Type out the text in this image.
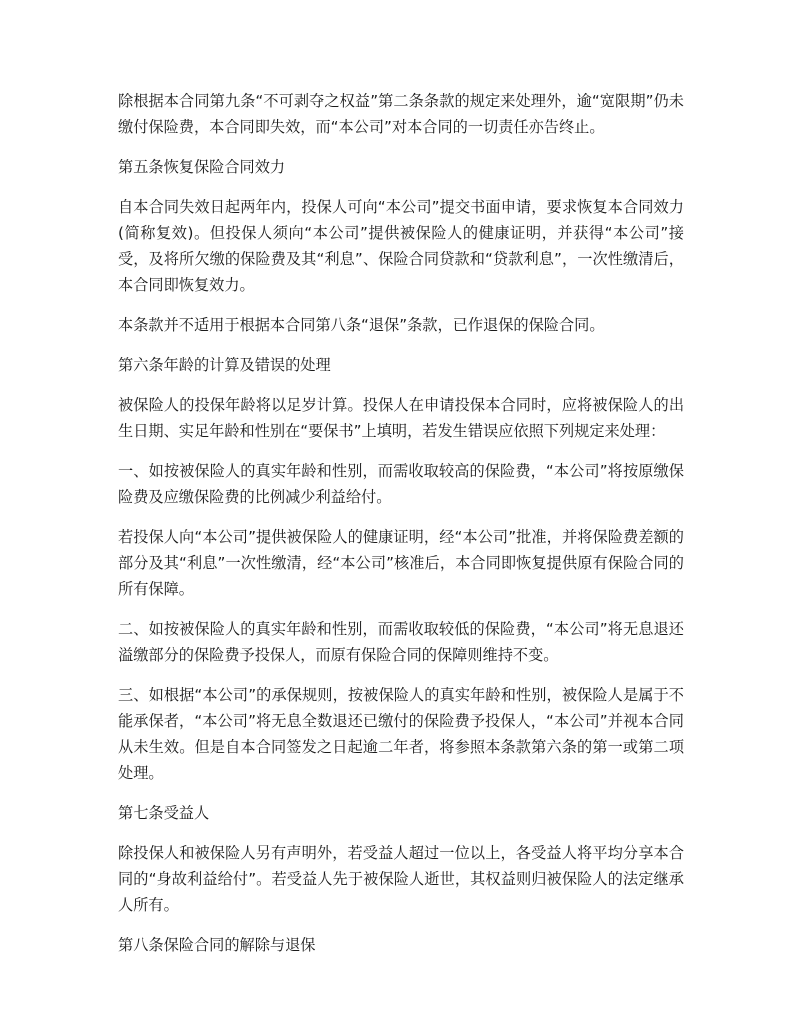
除根据本合同第九条“不可剥夺之权益”第二条条款的规定来处理外，逾“宽限期”仍未缴付保险费，本合同即失效，而“本公司”对本合同的一切责任亦告终止。

第五条恢复保险合同效力

自本合同失效日起两年内，投保人可向“本公司”提交书面申请，要求恢复本合同效力(简称复效)。但投保人须向“本公司”提供被保险人的健康证明，并获得“本公司”接受，及将所欠缴的保险费及其“利息”、保险合同贷款和“贷款利息”，一次性缴清后，本合同即恢复效力。

本条款并不适用于根据本合同第八条“退保”条款，已作退保的保险合同。

第六条年龄的计算及错误的处理

被保险人的投保年龄将以足岁计算。投保人在申请投保本合同时，应将被保险人的出生日期、实足年龄和性别在“要保书”上填明，若发生错误应依照下列规定来处理：

一、如按被保险人的真实年龄和性别，而需收取较高的保险费，“本公司”将按原缴保险费及应缴保险费的比例减少利益给付。

若投保人向“本公司”提供被保险人的健康证明，经“本公司”批准，并将保险费差额的部分及其“利息”一次性缴清，经“本公司”核准后，本合同即恢复提供原有保险合同的所有保障。

二、如按被保险人的真实年龄和性别，而需收取较低的保险费，“本公司”将无息退还溢缴部分的保险费予投保人，而原有保险合同的保障则维持不变。

三、如根据“本公司”的承保规则，按被保险人的真实年龄和性别，被保险人是属于不能承保者，“本公司”将无息全数退还已缴付的保险费予投保人，“本公司”并视本合同从未生效。但是自本合同签发之日起逾二年者，将参照本条款第六条的第一或第二项处理。

第七条受益人

除投保人和被保险人另有声明外，若受益人超过一位以上，各受益人将平均分享本合同的“身故利益给付”。若受益人先于被保险人逝世，其权益则归被保险人的法定继承人所有。

第八条保险合同的解除与退保
